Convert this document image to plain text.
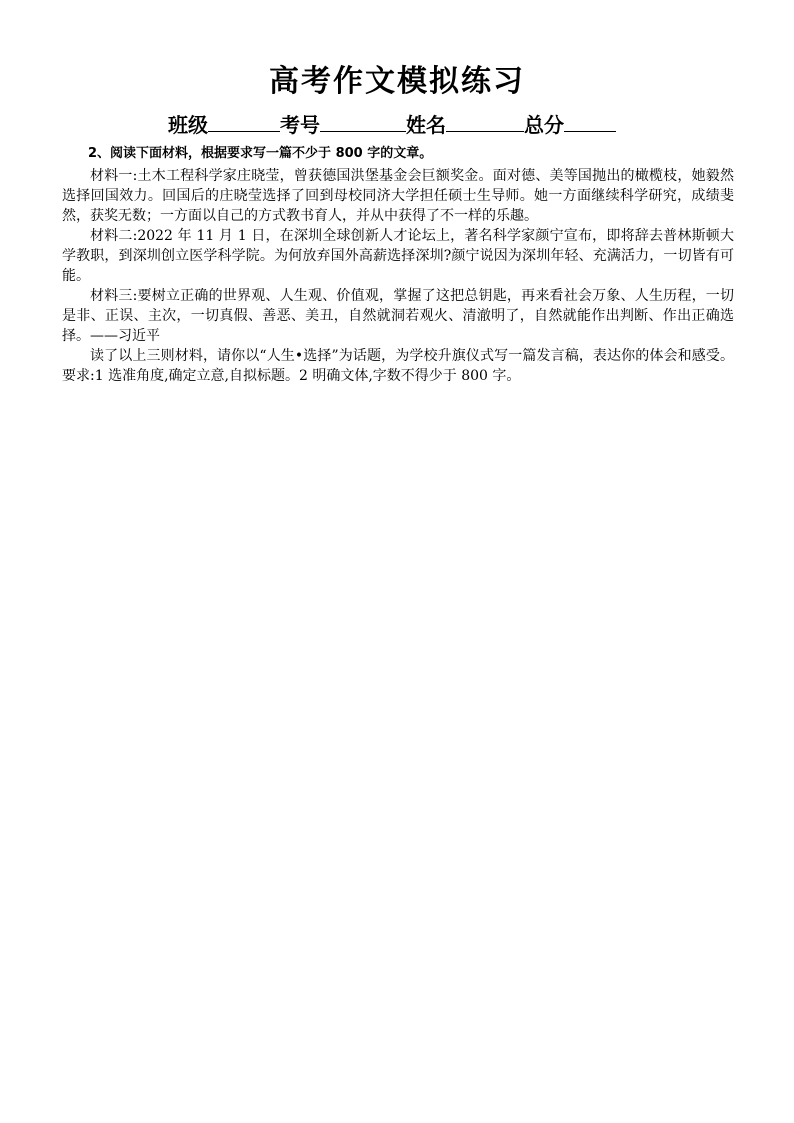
高考作文模拟练习
班级	考号	姓名	总分

2、阅读下面材料，根据要求写一篇不少于 800 字的文章。

材料一:土木工程科学家庄晓莹，曾获德国洪堡基金会巨额奖金。面对德、美等国抛出的橄榄枝，她毅然选择回国效力。回国后的庄晓莹选择了回到母校同济大学担任硕士生导师。她一方面继续科学研究，成绩斐然，获奖无数；一方面以自己的方式教书育人，并从中获得了不一样的乐趣。

材料二:2022 年 11 月 1 日，在深圳全球创新人才论坛上，著名科学家颜宁宣布，即将辞去普林斯顿大学教职，到深圳创立医学科学院。为何放弃国外高薪选择深圳?颜宁说因为深圳年轻、充满活力，一切皆有可能。

材料三:要树立正确的世界观、人生观、价值观，掌握了这把总钥匙，再来看社会万象、人生历程，一切是非、正误、主次，一切真假、善恶、美丑，自然就洞若观火、清澈明了，自然就能作出判断、作出正确选择。——习近平

读了以上三则材料，请你以“人生•选择”为话题，为学校升旗仪式写一篇发言稿，表达你的体会和感受。要求:1 选准角度,确定立意,自拟标题。2 明确文体,字数不得少于 800 字。
